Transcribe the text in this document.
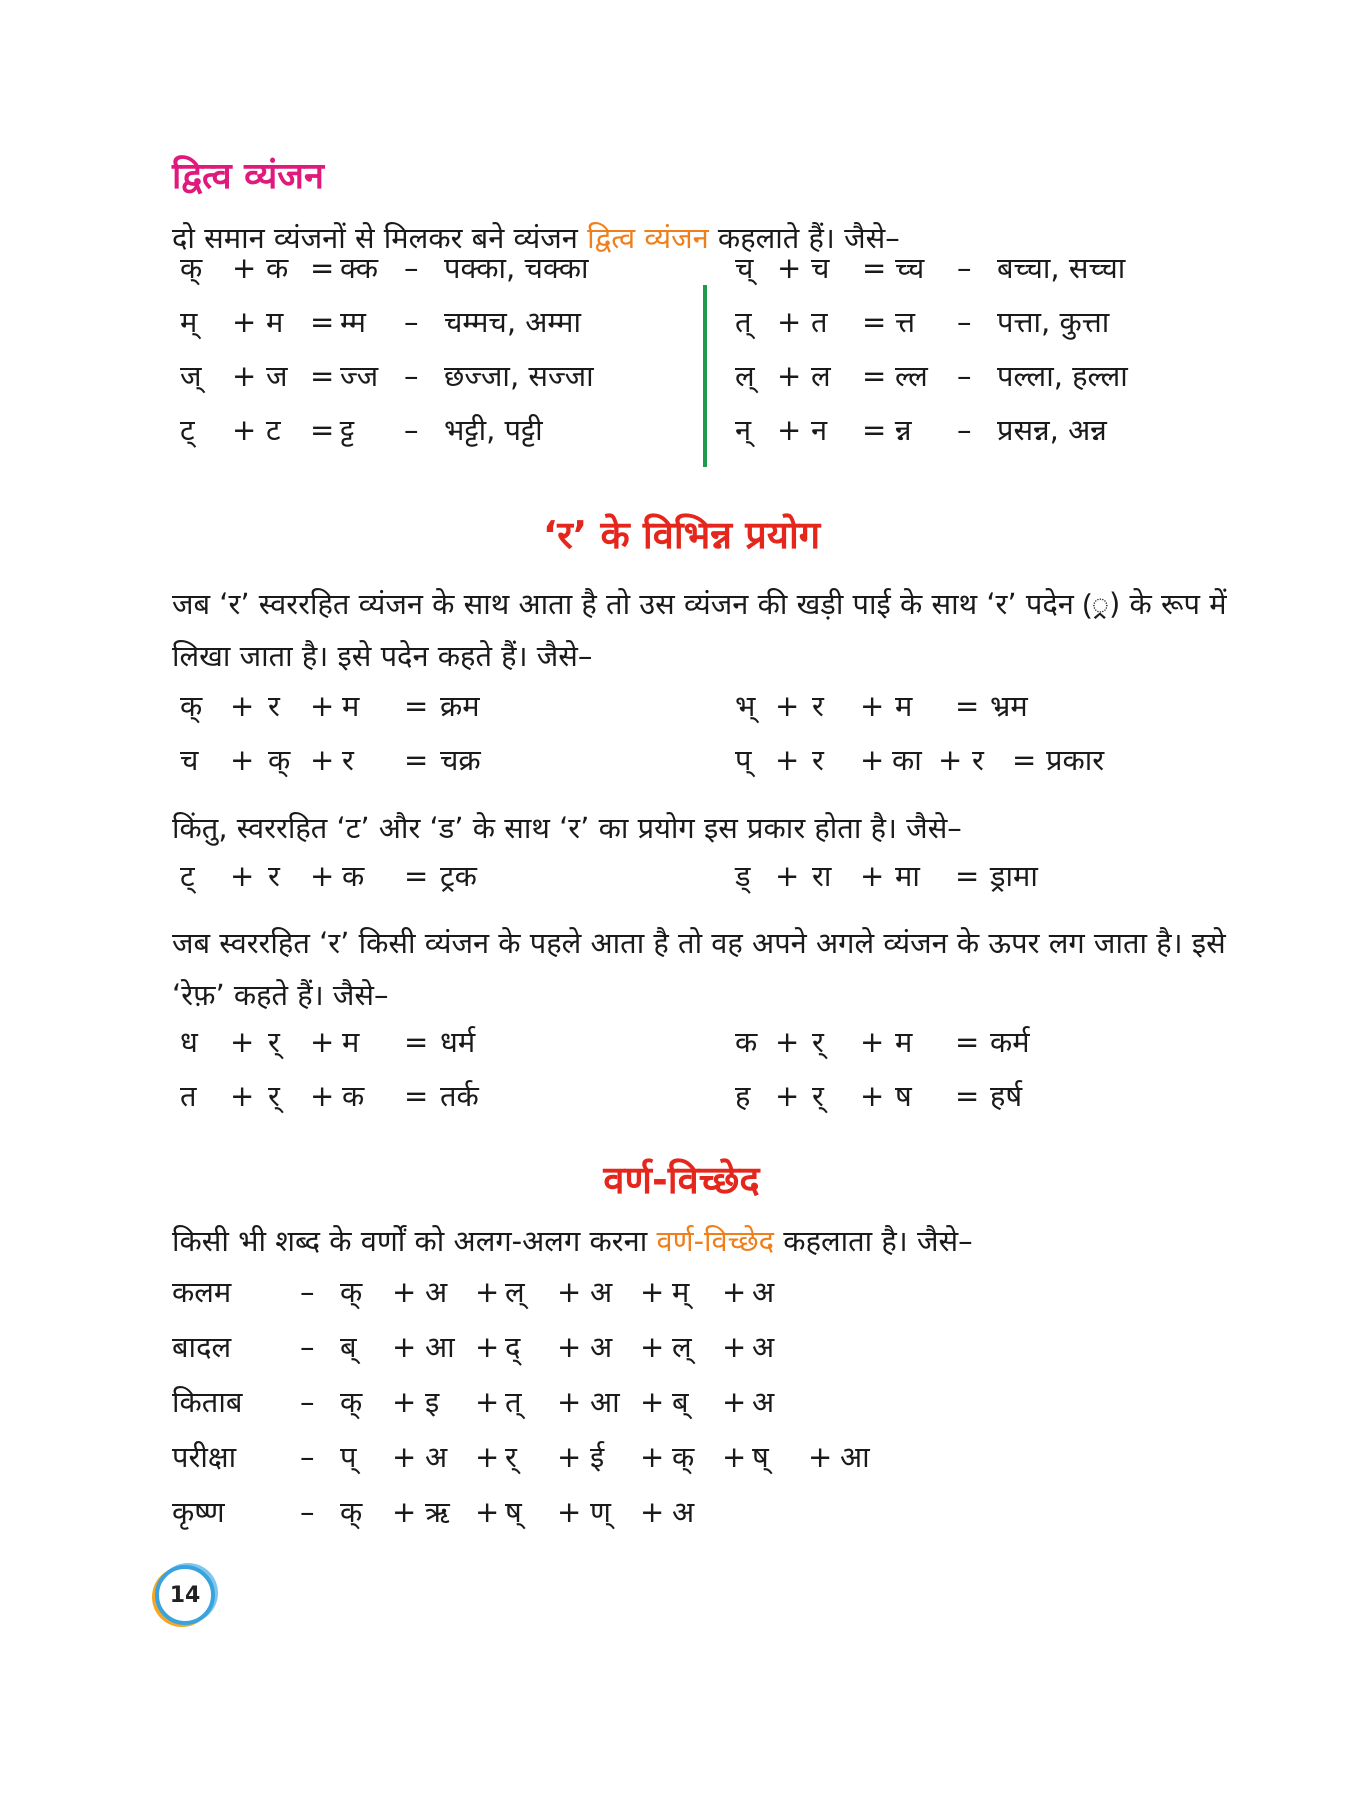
द्वित्व व्यंजन
दो समान व्यंजनों से मिलकर बने व्यंजन द्वित्व व्यंजन कहलाते हैं। जैसे–
क् + क = क्क – पक्का, चक्का
म् + म = म्म – चम्मच, अम्मा
ज् + ज = ज्ज – छज्जा, सज्जा
ट् + ट = ट्ट – भट्टी, पट्टी
च् + च = च्च – बच्चा, सच्चा
त् + त = त्त – पत्ता, कुत्ता
ल् + ल = ल्ल – पल्ला, हल्ला
न् + न = न्न – प्रसन्न, अन्न
‘र’ के विभिन्न प्रयोग
जब ‘र’ स्वररहित व्यंजन के साथ आता है तो उस व्यंजन की खड़ी पाई के साथ ‘र’ पदेन (्र) के रूप में लिखा जाता है। इसे पदेन कहते हैं। जैसे–
क् + र + म = क्रम	भ् + र + म = भ्रम
च + क् + र = चक्र	प् + र + का + र = प्रकार
किंतु, स्वररहित ‘ट’ और ‘ड’ के साथ ‘र’ का प्रयोग इस प्रकार होता है। जैसे–
ट् + र + क = ट्रक	ड् + रा + मा = ड्रामा
जब स्वररहित ‘र’ किसी व्यंजन के पहले आता है तो वह अपने अगले व्यंजन के ऊपर लग जाता है। इसे ‘रेफ़’ कहते हैं। जैसे–
ध + र् + म = धर्म	क + र् + म = कर्म
त + र् + क = तर्क	ह + र् + ष = हर्ष
वर्ण-विच्छेद
किसी भी शब्द के वर्णों को अलग-अलग करना वर्ण-विच्छेद कहलाता है। जैसे–
कलम – क् + अ + ल् + अ + म् + अ
बादल – ब् + आ + द् + अ + ल् + अ
किताब – क् + इ + त् + आ + ब् + अ
परीक्षा – प् + अ + र् + ई + क् + ष् + आ
कृष्ण	– क् + ऋ + ष् + ण् + अ
14
